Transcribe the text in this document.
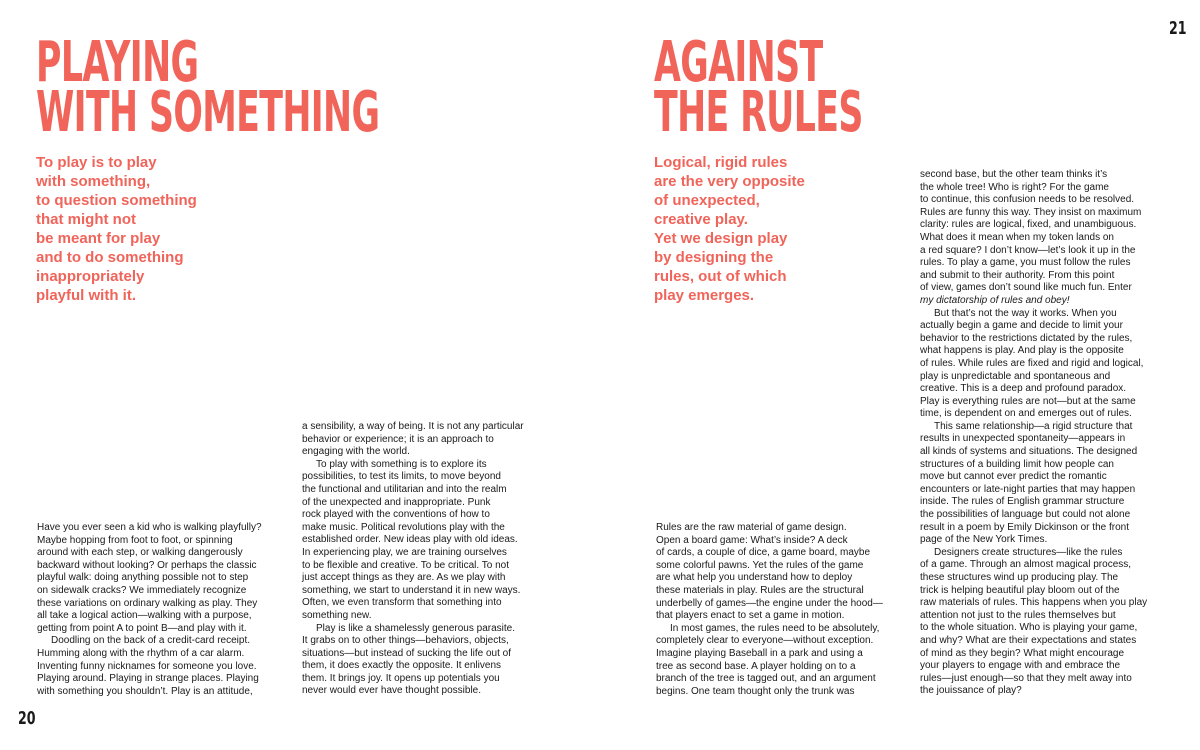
PLAYING
WITH SOMETHING
To play is to play
with something,
to question something
that might not
be meant for play
and to do something
inappropriately
playful with it.
Have you ever seen a kid who is walking playfully?
Maybe hopping from foot to foot, or spinning
around with each step, or walking dangerously
backward without looking? Or perhaps the classic
playful walk: doing anything possible not to step
on sidewalk cracks? We immediately recognize
these variations on ordinary walking as play. They
all take a logical action—walking with a purpose,
getting from point A to point B—and play with it.
Doodling on the back of a credit-card receipt.
Humming along with the rhythm of a car alarm.
Inventing funny nicknames for someone you love.
Playing around. Playing in strange places. Playing
with something you shouldn’t. Play is an attitude,
a sensibility, a way of being. It is not any particular
behavior or experience; it is an approach to
engaging with the world.
To play with something is to explore its
possibilities, to test its limits, to move beyond
the functional and utilitarian and into the realm
of the unexpected and inappropriate. Punk
rock played with the conventions of how to
make music. Political revolutions play with the
established order. New ideas play with old ideas.
In experiencing play, we are training ourselves
to be flexible and creative. To be critical. To not
just accept things as they are. As we play with
something, we start to understand it in new ways.
Often, we even transform that something into
something new.
Play is like a shamelessly generous parasite.
It grabs on to other things—behaviors, objects,
situations—but instead of sucking the life out of
them, it does exactly the opposite. It enlivens
them. It brings joy. It opens up potentials you
never would ever have thought possible.
20
AGAINST
THE RULES
Logical, rigid rules
are the very opposite
of unexpected,
creative play.
Yet we design play
by designing the
rules, out of which
play emerges.
Rules are the raw material of game design.
Open a board game: What’s inside? A deck
of cards, a couple of dice, a game board, maybe
some colorful pawns. Yet the rules of the game
are what help you understand how to deploy
these materials in play. Rules are the structural
underbelly of games—the engine under the hood—
that players enact to set a game in motion.
In most games, the rules need to be absolutely,
completely clear to everyone—without exception.
Imagine playing Baseball in a park and using a
tree as second base. A player holding on to a
branch of the tree is tagged out, and an argument
begins. One team thought only the trunk was
second base, but the other team thinks it’s
the whole tree! Who is right? For the game
to continue, this confusion needs to be resolved.
Rules are funny this way. They insist on maximum
clarity: rules are logical, fixed, and unambiguous.
What does it mean when my token lands on
a red square? I don’t know—let’s look it up in the
rules. To play a game, you must follow the rules
and submit to their authority. From this point
of view, games don’t sound like much fun. Enter
my dictatorship of rules and obey!
But that’s not the way it works. When you
actually begin a game and decide to limit your
behavior to the restrictions dictated by the rules,
what happens is play. And play is the opposite
of rules. While rules are fixed and rigid and logical,
play is unpredictable and spontaneous and
creative. This is a deep and profound paradox.
Play is everything rules are not—but at the same
time, is dependent on and emerges out of rules.
This same relationship—a rigid structure that
results in unexpected spontaneity—appears in
all kinds of systems and situations. The designed
structures of a building limit how people can
move but cannot ever predict the romantic
encounters or late-night parties that may happen
inside. The rules of English grammar structure
the possibilities of language but could not alone
result in a poem by Emily Dickinson or the front
page of the New York Times.
Designers create structures—like the rules
of a game. Through an almost magical process,
these structures wind up producing play. The
trick is helping beautiful play bloom out of the
raw materials of rules. This happens when you play
attention not just to the rules themselves but
to the whole situation. Who is playing your game,
and why? What are their expectations and states
of mind as they begin? What might encourage
your players to engage with and embrace the
rules—just enough—so that they melt away into
the jouissance of play?
21
